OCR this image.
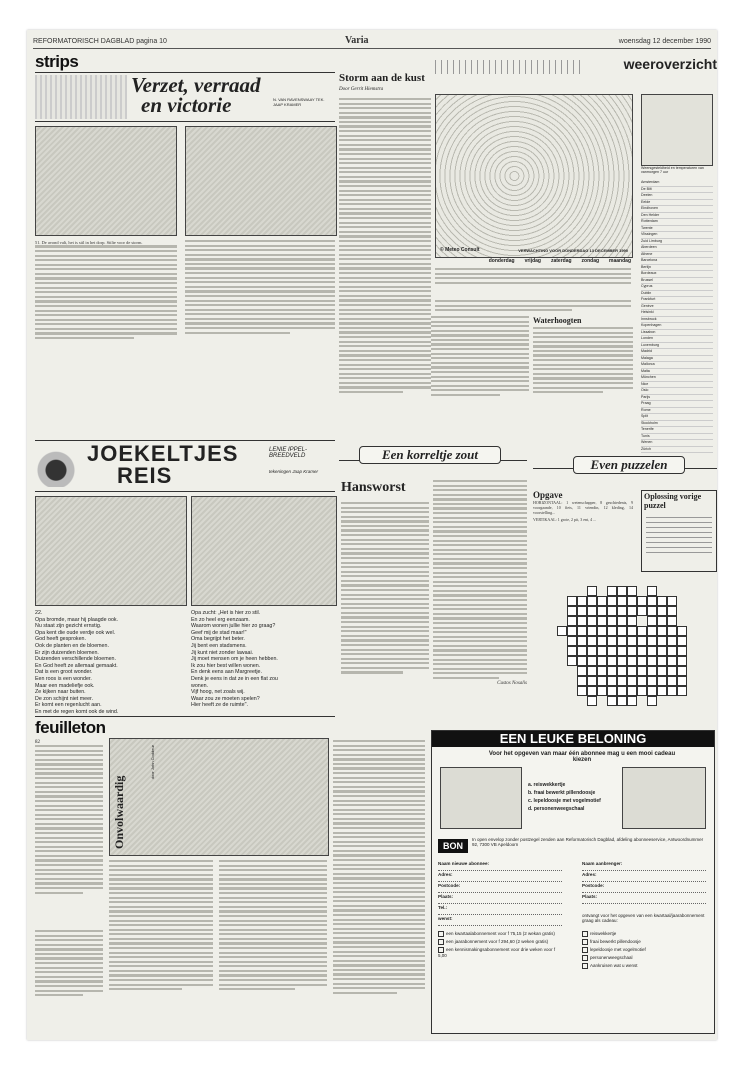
REFORMATORISCH DAGBLAD pagina 10	Varia	woensdag 12 december 1990
strips
Verzet, verraad
en victorie	N. VAN RAVENSWAAY TEK. JAAP KRAMER
51. De avond valt, het is stil in het dorp. Stilte voor de storm.
JOEKELTJES
REIS
LENIE IPPEL-BREEDVELD
tekeningen Jaap Kramer
22.
Opa bromde, maar hij plaagde ook.
Nu staat zijn gezicht ernstig.
Opa kent die oude verdje ook wel.
God heeft gesproken.
Ook de planten en de bloemen.
Er zijn duizenden bloemen.
Duizenden verschillende bloemen.
En God heeft ze allemaal gemaakt.
Dat is een groot wonder.
Een roos is een wonder.
Maar een madeliefje ook.
Ze kijken naar buiten.
De zon schijnt niet meer.
Er komt een regenlucht aan.
En met de regen komt ook de wind.
Opa zucht: „Het is hier zo stil.
En zo heel erg eenzaam.
Waarom wonen jullie hier zo graag?
Geef mij de stad maar!"
Oma begrijpt het beter.
Jij bent een stadsmens.
Jij kunt niet zonder lawaai.
Jij moet mensen om je heen hebben.
Ik zou hier best willen wonen.
En denk eens aan Margreetje.
Denk je eens in dat ze in een flat zou
wonen.
Vijf hoog, net zoals wij.
Waar zou ze moeten spelen?
Hier heeft ze de ruimte".
Storm aan de kust
Door Gerrit Hiemstra
weeroverzicht
© Meteo Consult	VERWACHTING VOOR DONDERDAG 13 DECEMBER 1990
donderdag vrijdag zaterdag zondag maandag
Weersgesteldheid en temperaturen van vanmorgen 7 uur
Amsterdam
De Bilt
Deelen
Eelde
Eindhoven
Den Helder
Rotterdam
Twente
Vlissingen
Zuid Limburg
Aberdeen
Athene
Barcelona
Berlijn
Bordeaux
Brussel
Cyprus
Dublin
Frankfurt
Genève
Helsinki
Innsbruck
Kopenhagen
Lissabon
Londen
Luxemburg
Madrid
Malaga
Mallorca
Malta
München
Nice
Oslo
Parijs
Praag
Rome
Split
Stockholm
Tenerife
Tunis
Wenen
Zürich
Waterhoogten
Een korreltje zout
Hansworst
Custos Nosalis
Even puzzelen
Opgave
HORIZONTAAL: 1 wetenschapper, 8 geschiedenis, 9 voorgaande, 10 fiets, 11 vriendin, 12 kleding, 14 voorstelling...
VERTIKAAL: 1 grote, 2 pit, 3 ent, 4 ...
Oplossing vorige puzzel
feuilleton
82
Onvolwaardig
door John Coddeur
EEN LEUKE BELONING
Voor het opgeven van maar één abonnee mag u een mooi cadeau kiezen
a. reiswekkertje
b. fraai bewerkt pillendoosje
c. lepeldoosje met vogelmotief
d. personenweegschaal
BON
In open envelop zonder postzegel zenden aan Reformatorisch Dagblad, afdeling abonneeservice, Antwoordnummer 92, 7300 VB Apeldoorn
Naam nieuwe abonnee:
Adres:
Postcode:
Plaats:
Tel.:
wenst:
Naam aanbrenger:
Adres:
Postcode:
Plaats:
een kwartaalabonnement voor f 75,15 (2 wekan gratis)
een jaarabonnement voor f 294,60 (2 weken gratis)
een kennismakingsabonnement voor drie weken voor f 5,00
ontvangt voor het opgeven van een kwartaal/jaarabonnement graag als cadeau:
reiswekkertje
fraai bewerkt pillendoosje
lepeldoosje met vogelmotief
personenweegschaal
Aankruisen wat u wenst
